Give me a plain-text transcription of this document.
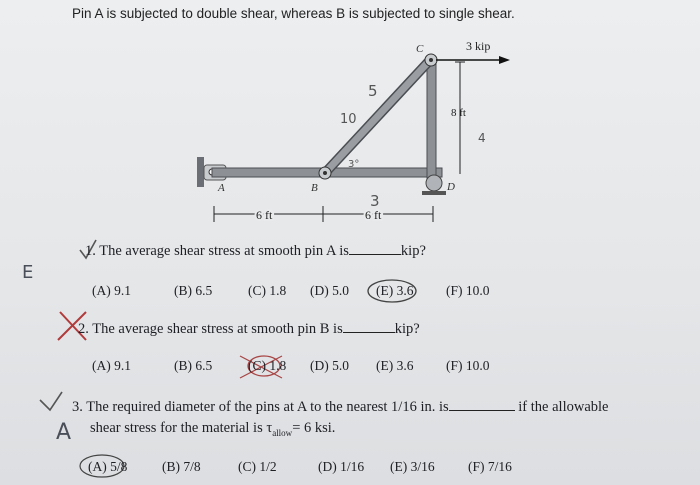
Pin A is subjected to double shear, whereas B is subjected to single shear.
A	B
C
D
3 kip
8 ft
6 ft	6 ft
5
10
3°
4
3
E
A
1. The average shear stress at smooth pin A is	kip?
(A) 9.1	(B) 6.5	(C) 1.8 (D) 5.0 (E) 3.6 (F) 10.0
2. The average shear stress at smooth pin B is	kip?
(A) 9.1	(B) 6.5	(C) 1.8 (D) 5.0 (E) 3.6 (F) 10.0
3. The required diameter of the pins at A to the nearest 1/16 in. is	if the allowable
shear stress for the material is $\tau_{allow}= 6$ ksi.
(A) 5/8	(B) 7/8	(C) 1/2	(D) 1/16 (E) 3/16 (F) 7/16
